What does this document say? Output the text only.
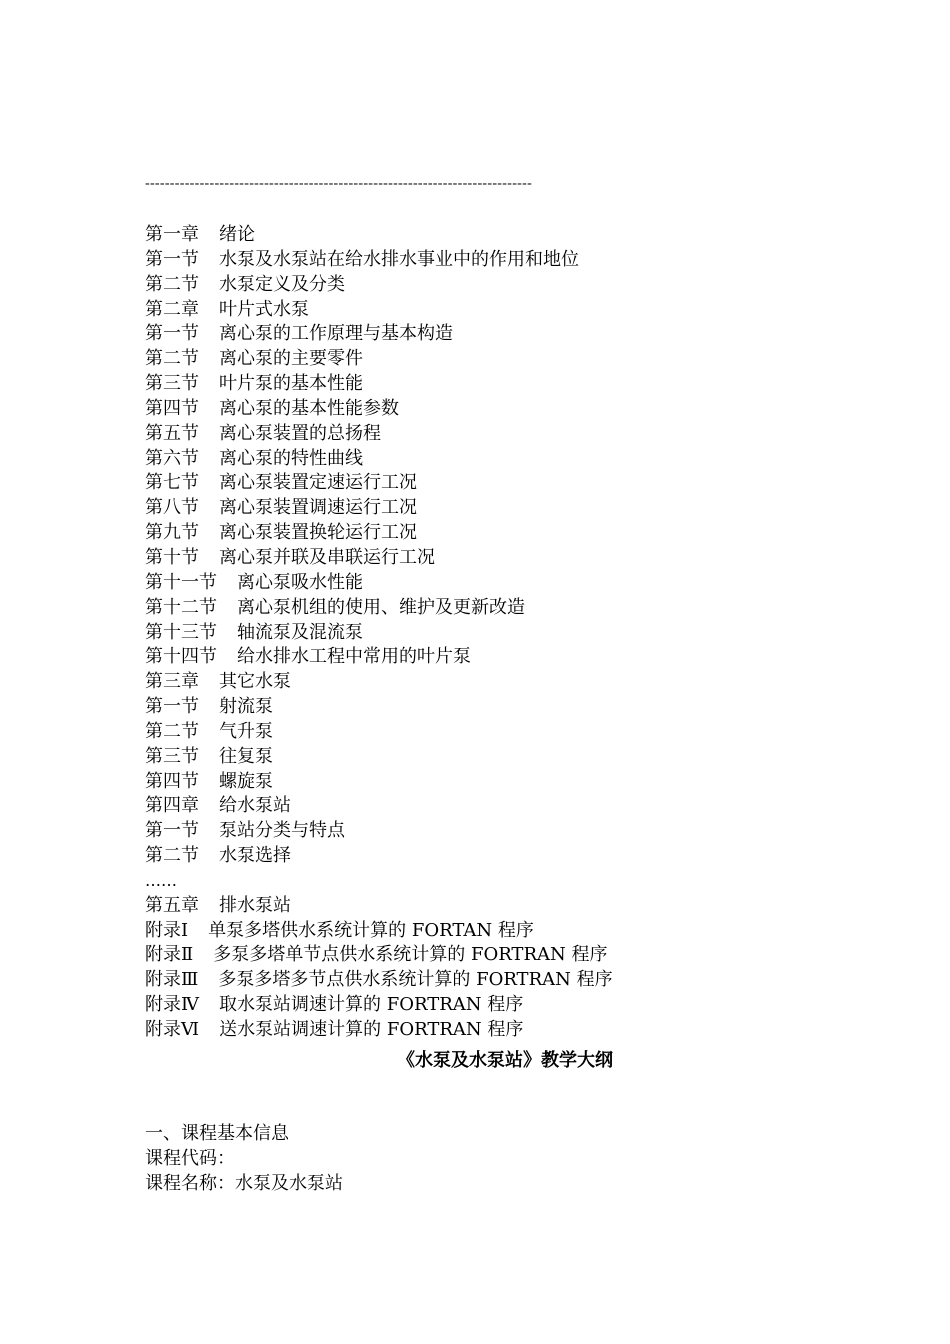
------------------------------------------------------------------------------
第一章 绪论
第一节 水泵及水泵站在给水排水事业中的作用和地位
第二节 水泵定义及分类
第二章 叶片式水泵
第一节 离心泵的工作原理与基本构造
第二节 离心泵的主要零件
第三节 叶片泵的基本性能
第四节 离心泵的基本性能参数
第五节 离心泵装置的总扬程
第六节 离心泵的特性曲线
第七节 离心泵装置定速运行工况
第八节 离心泵装置调速运行工况
第九节 离心泵装置换轮运行工况
第十节 离心泵并联及串联运行工况
第十一节 离心泵吸水性能
第十二节 离心泵机组的使用、维护及更新改造
第十三节 轴流泵及混流泵
第十四节 给水排水工程中常用的叶片泵
第三章 其它水泵
第一节 射流泵
第二节 气升泵
第三节 往复泵
第四节 螺旋泵
第四章 给水泵站
第一节 泵站分类与特点
第二节 水泵选择
……
第五章 排水泵站
附录Ⅰ 单泵多塔供水系统计算的 FORTAN 程序
附录Ⅱ 多泵多塔单节点供水系统计算的 FORTRAN 程序
附录Ⅲ 多泵多塔多节点供水系统计算的 FORTRAN 程序
附录Ⅳ 取水泵站调速计算的 FORTRAN 程序
附录Ⅵ 送水泵站调速计算的 FORTRAN 程序
《水泵及水泵站》教学大纲
一、课程基本信息
课程代码：
课程名称：水泵及水泵站
